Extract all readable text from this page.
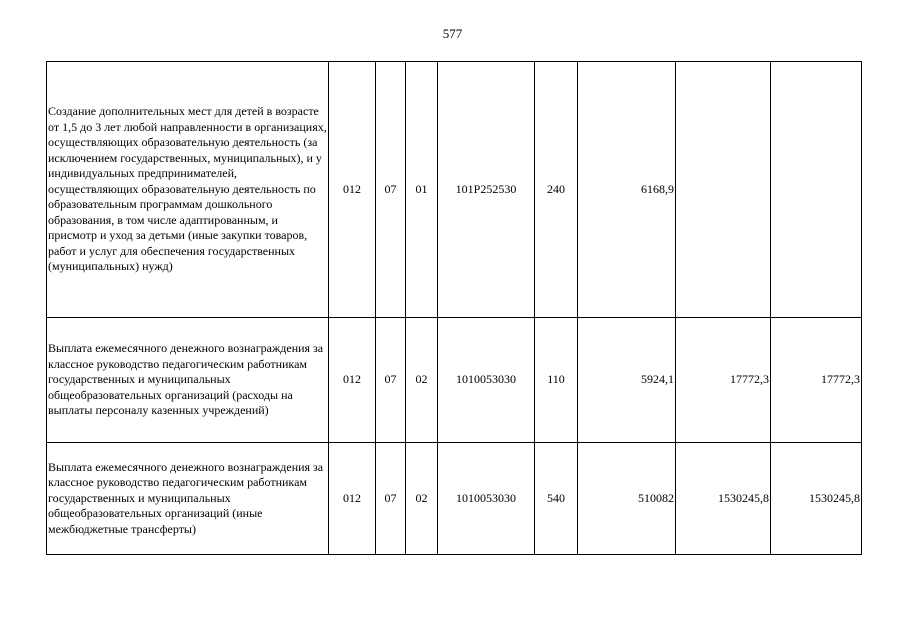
577
Создание дополнительных мест для детей в возрасте от 1,5 до 3 лет любой направленности в организациях, осуществляющих образовательную деятельность (за исключением государственных, муниципальных), и у индивидуальных предпринимателей, осуществляющих образовательную деятельность по образовательным программам дошкольного образования, в том числе адаптированным, и присмотр и уход за детьми (иные закупки товаров, работ и услуг для обеспечения государственных (муниципальных) нужд)	012	07	01	101P252530	240	6168,9		
Выплата ежемесячного денежного вознаграждения за классное руководство педагогическим работникам государственных и муниципальных общеобразовательных организаций (расходы на выплаты персоналу казенных учреждений)	012	07	02	1010053030	110	5924,1	17772,3	17772,3
Выплата ежемесячного денежного вознаграждения за классное руководство педагогическим работникам государственных и муниципальных общеобразовательных организаций (иные межбюджетные трансферты)	012	07	02	1010053030	540	510082	1530245,8	1530245,8
